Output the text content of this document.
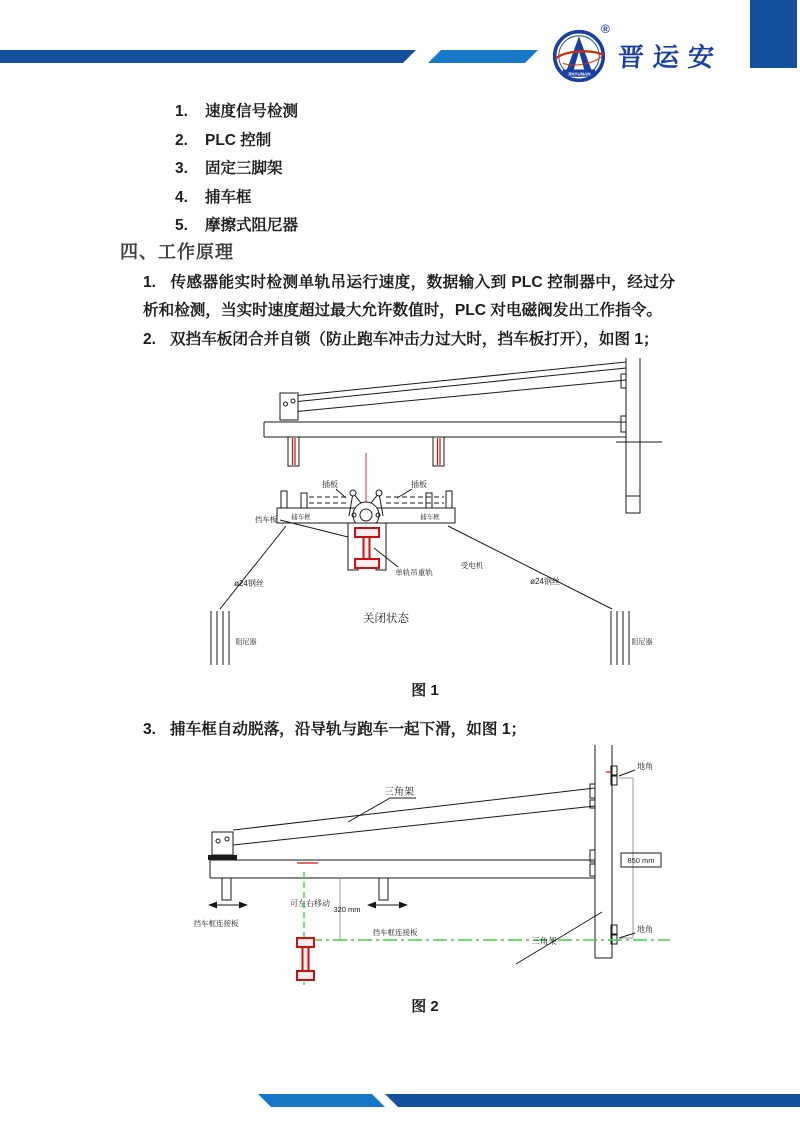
JINYUNAN
®
晋运安
1. 速度信号检测
2. PLC 控制
3. 固定三脚架
4. 捕车框
5. 摩擦式阻尼器
四、工作原理

1. 传感器能实时检测单轨吊运行速度，数据输入到 PLC 控制器中，经过分析和检测，当实时速度超过最大允许数值时，PLC 对电磁阀发出工作指令。

2. 双挡车板闭合并自锁（防止跑车冲击力过大时，挡车板打开），如图 1；

插板	插板
捕车框	捕车框
挡车板
单轨吊重轨
受电机
ø24钢丝	ø24钢丝
关闭状态
阻尼器	阻尼器
图 1

3. 捕车框自动脱落，沿导轨与跑车一起下滑，如图 1；

三角架
挡车框连接板
可左右移动
320 mm
挡车框连接板
三角架
地角
地角
850 mm
图 2
